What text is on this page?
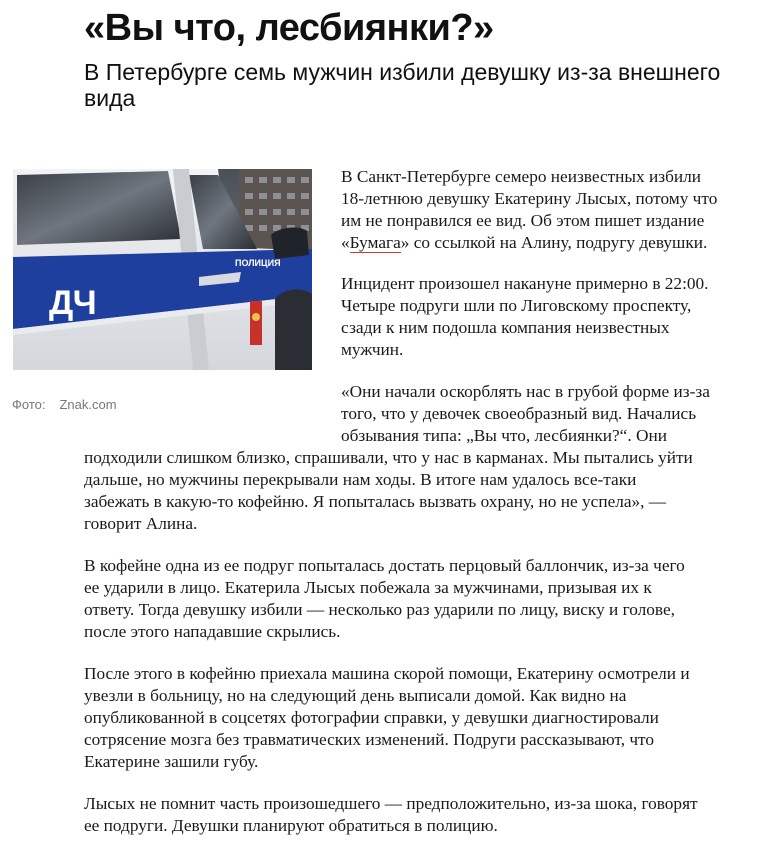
«Вы что, лесбиянки?»

В Петербурге семь мужчин избили девушку из-за внешнего вида

ДЧ
ПОЛИЦИЯ
Фото: Znak.com

В Санкт-Петербурге семеро неизвестных избили

18-летнюю девушку Екатерину Лысых, потому что

им не понравился ее вид. Об этом пишет издание

«Бумага» со ссылкой на Алину, подругу девушки.

Инцидент произошел накануне примерно в 22:00.

Четыре подруги шли по Лиговскому проспекту,

сзади к ним подошла компания неизвестных

мужчин.

«Они начали оскорблять нас в грубой форме из-за

того, что у девочек своеобразный вид. Начались

обзывания типа: „Вы что, лесбиянки?“. Они

подходили слишком близко, спрашивали, что у нас в карманах. Мы пытались уйти

дальше, но мужчины перекрывали нам ходы. В итоге нам удалось все-таки

забежать в какую-то кофейню. Я попыталась вызвать охрану, но не успела», —

говорит Алина.

В кофейне одна из ее подруг попыталась достать перцовый баллончик, из-за чего

ее ударили в лицо. Екатерила Лысых побежала за мужчинами, призывая их к

ответу. Тогда девушку избили — несколько раз ударили по лицу, виску и голове,

после этого нападавшие скрылись.

После этого в кофейню приехала машина скорой помощи, Екатерину осмотрели и

увезли в больницу, но на следующий день выписали домой. Как видно на

опубликованной в соцсетях фотографии справки, у девушки диагностировали

сотрясение мозга без травматических изменений. Подруги рассказывают, что

Екатерине зашили губу.

Лысых не помнит часть произошедшего — предположительно, из-за шока, говорят

ее подруги. Девушки планируют обратиться в полицию.
